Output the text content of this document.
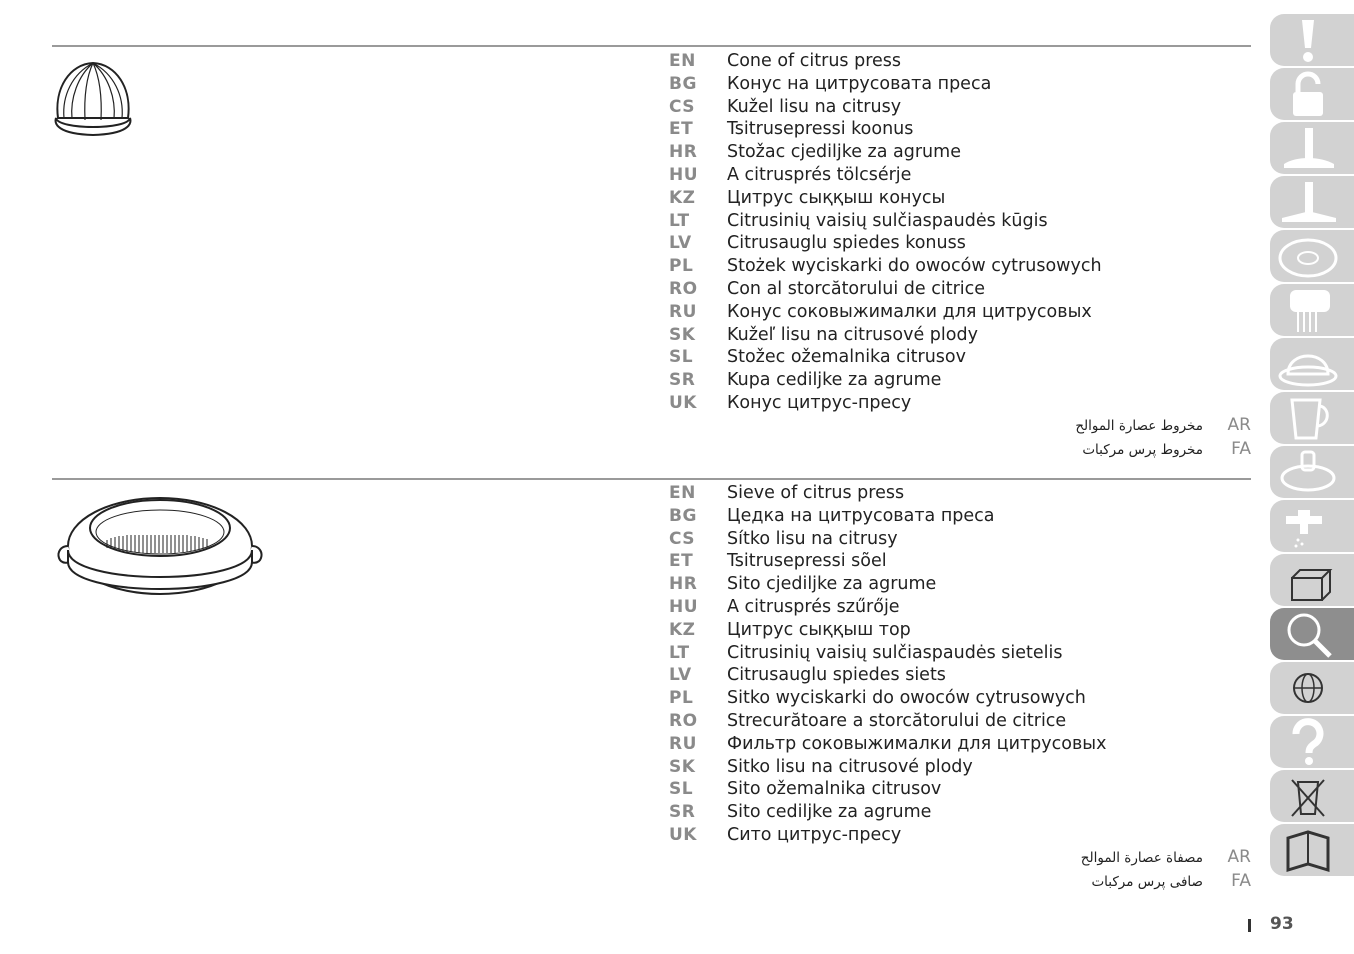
EN Cone of citrus press
BG Конус на цитрусовата преса
CS Kužel lisu na citrusy
ET Tsitrusepressi koonus
HR Stožac cjediljke za agrume
HU A citrusprés tölcsérje
KZ Цитрус сыққыш конусы
LT Citrusinių vaisių sulčiaspaudės kūgis
LV Citrusauglu spiedes konuss
PL Stożek wyciskarki do owoców cytrusowych
RO Con al storcătorului de citrice
RU Конус соковыжималки для цитрусовых
SK Kužeľ lisu na citrusové plody
SL Stožec ožemalnika citrusov
SR Kupa cediljke za agrume
UK Конус цитрус-пресу
مخروط عصارة الموالح AR
مخروط پرس مرکبات FA
EN Sieve of citrus press
BG Цедка на цитрусовата преса
CS Sítko lisu na citrusy
ET Tsitrusepressi sõel
HR Sito cjediljke za agrume
HU A citrusprés szűrője
KZ Цитрус сыққыш тор
LT Citrusinių vaisių sulčiaspaudės sietelis
LV Citrusauglu spiedes siets
PL Sitko wyciskarki do owoców cytrusowych
RO Strecurătoare a storcătorului de citrice
RU Фильтр соковыжималки для цитрусовых
SK Sitko lisu na citrusové plody
SL Sito ožemalnika citrusov
SR Sito cediljke za agrume
UK Сито цитрус-пресу
مصفاة عصارة الموالح AR
صافی پرس مرکبات FA
93
